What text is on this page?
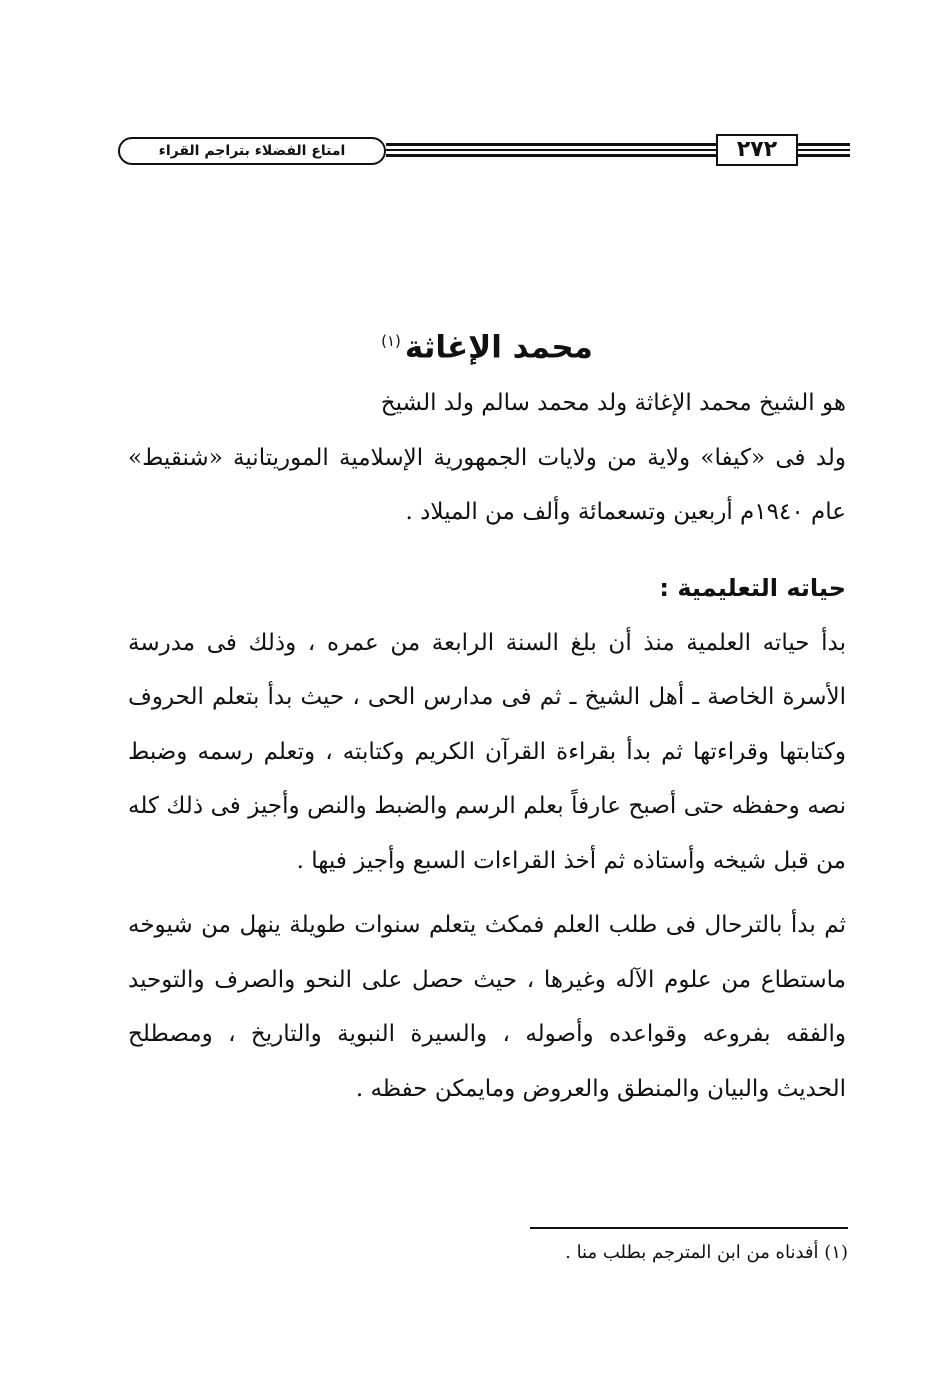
امتاع الفضلاء بتراجم القراء	٢٧٢
محمد الإغاثة$^{(١)}$

هو الشيخ محمد الإغاثة ولد محمد سالم ولد الشيخ

ولد فى «كيفا» ولاية من ولايات الجمهورية الإسلامية الموريتانية «شنقيط» عام ١٩٤٠م أربعين وتسعمائة وألف من الميلاد .

حياته التعليمية :

بدأ حياته العلمية منذ أن بلغ السنة الرابعة من عمره ، وذلك فى مدرسة الأسرة الخاصة ـ أهل الشيخ ـ ثم فى مدارس الحى ، حيث بدأ بتعلم الحروف وكتابتها وقراءتها ثم بدأ بقراءة القرآن الكريم وكتابته ، وتعلم رسمه وضبط نصه وحفظه حتى أصبح عارفاً بعلم الرسم والضبط والنص وأجيز فى ذلك كله من قبل شيخه وأستاذه ثم أخذ القراءات السبع وأجيز فيها .

ثم بدأ بالترحال فى طلب العلم فمكث يتعلم سنوات طويلة ينهل من شيوخه ماستطاع من علوم الآله وغيرها ، حيث حصل على النحو والصرف والتوحيد والفقه بفروعه وقواعده وأصوله ، والسيرة النبوية والتاريخ ، ومصطلح الحديث والبيان والمنطق والعروض ومايمكن حفظه .

(١) أفدناه من ابن المترجم بطلب منا .
